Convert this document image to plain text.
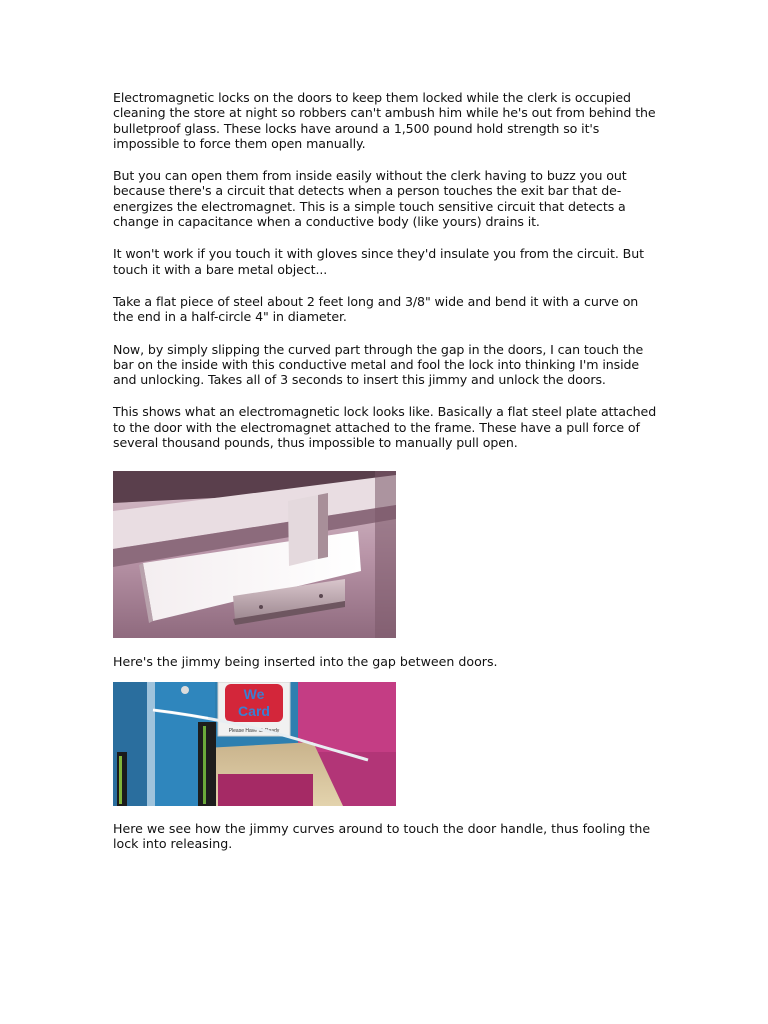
Electromagnetic locks on the doors to keep them locked while the clerk is occupied cleaning the store at night so robbers can't ambush him while he's out from behind the bulletproof glass. These locks have around a 1,500 pound hold strength so it's impossible to force them open manually.

But you can open them from inside easily without the clerk having to buzz you out because there's a circuit that detects when a person touches the exit bar that de-energizes the electromagnet. This is a simple touch sensitive circuit that detects a change in capacitance when a conductive body (like yours) drains it.

It won't work if you touch it with gloves since they'd insulate you from the circuit. But touch it with a bare metal object...

Take a flat piece of steel about 2 feet long and 3/8" wide and bend it with a curve on the end in a half-circle 4" in diameter.

Now, by simply slipping the curved part through the gap in the doors, I can touch the bar on the inside with this conductive metal and fool the lock into thinking I'm inside and unlocking. Takes all of 3 seconds to insert this jimmy and unlock the doors.

This shows what an electromagnetic lock looks like. Basically a flat steel plate attached to the door with the electromagnet attached to the frame. These have a pull force of several thousand pounds, thus impossible to manually pull open.

Here's the jimmy being inserted into the gap between doors.

We
Card
Please Have ID Ready

Here we see how the jimmy curves around to touch the door handle, thus fooling the lock into releasing.
